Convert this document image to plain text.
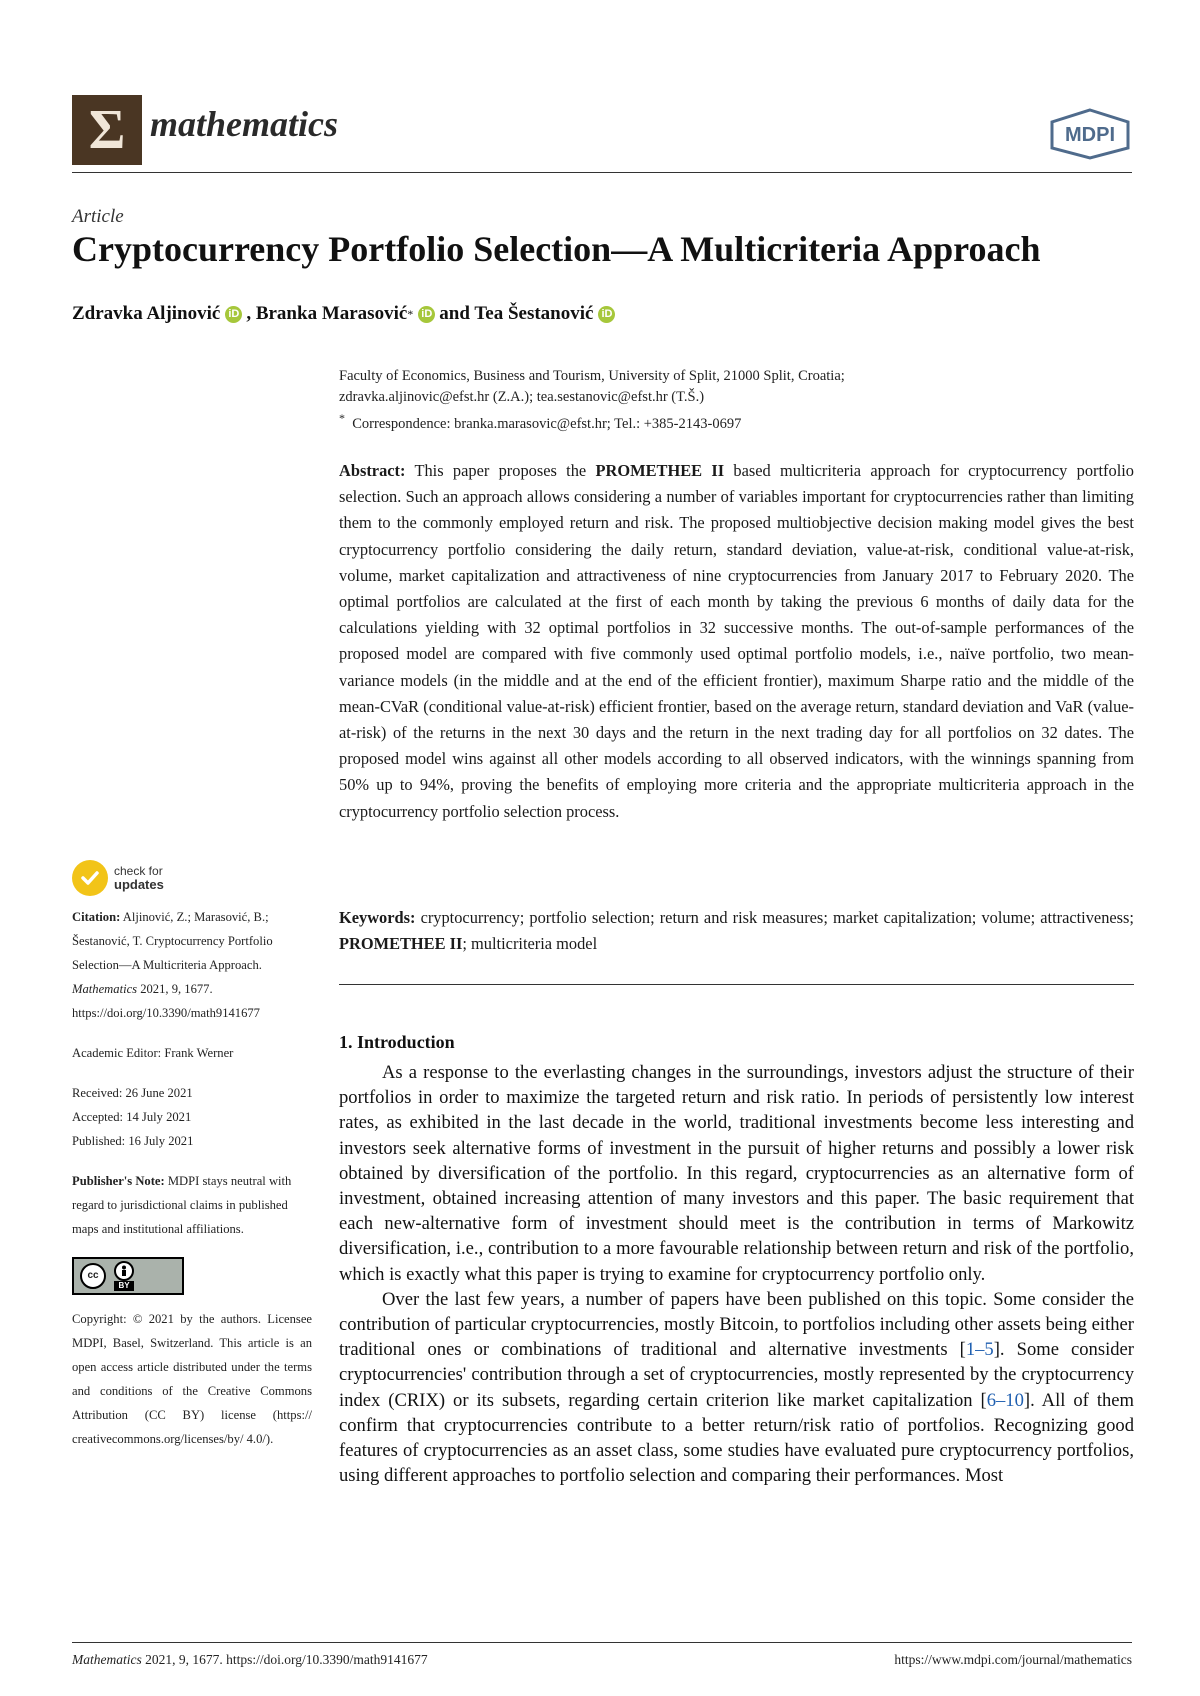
Σ mathematics	MDPI
Article
Cryptocurrency Portfolio Selection—A Multicriteria Approach
Zdravka Aljinović iD , Branka Marasović * iD and Tea Šestanović iD
Faculty of Economics, Business and Tourism, University of Split, 21000 Split, Croatia;
zdravka.aljinovic@efst.hr (Z.A.); tea.sestanovic@efst.hr (T.Š.)
* Correspondence: branka.marasovic@efst.hr; Tel.: +385-2143-0697
Abstract: This paper proposes the PROMETHEE II based multicriteria approach for cryptocurrency portfolio selection. Such an approach allows considering a number of variables important for cryptocurrencies rather than limiting them to the commonly employed return and risk. The proposed multiobjective decision making model gives the best cryptocurrency portfolio considering the daily return, standard deviation, value-at-risk, conditional value-at-risk, volume, market capitalization and attractiveness of nine cryptocurrencies from January 2017 to February 2020. The optimal portfolios are calculated at the first of each month by taking the previous 6 months of daily data for the calculations yielding with 32 optimal portfolios in 32 successive months. The out-of-sample performances of the proposed model are compared with five commonly used optimal portfolio models, i.e., naïve portfolio, two mean-variance models (in the middle and at the end of the efficient frontier), maximum Sharpe ratio and the middle of the mean-CVaR (conditional value-at-risk) efficient frontier, based on the average return, standard deviation and VaR (value-at-risk) of the returns in the next 30 days and the return in the next trading day for all portfolios on 32 dates. The proposed model wins against all other models according to all observed indicators, with the winnings spanning from 50% up to 94%, proving the benefits of employing more criteria and the appropriate multicriteria approach in the cryptocurrency portfolio selection process.
Keywords: cryptocurrency; portfolio selection; return and risk measures; market capitalization; volume; attractiveness; PROMETHEE II; multicriteria model
1. Introduction

As a response to the everlasting changes in the surroundings, investors adjust the structure of their portfolios in order to maximize the targeted return and risk ratio. In periods of persistently low interest rates, as exhibited in the last decade in the world, traditional investments become less interesting and investors seek alternative forms of investment in the pursuit of higher returns and possibly a lower risk obtained by diversification of the portfolio. In this regard, cryptocurrencies as an alternative form of investment, obtained increasing attention of many investors and this paper. The basic requirement that each new-alternative form of investment should meet is the contribution in terms of Markowitz diversification, i.e., contribution to a more favourable relationship between return and risk of the portfolio, which is exactly what this paper is trying to examine for cryptocurrency portfolio only.

Over the last few years, a number of papers have been published on this topic. Some consider the contribution of particular cryptocurrencies, mostly Bitcoin, to portfolios including other assets being either traditional ones or combinations of traditional and alternative investments [1–5]. Some consider cryptocurrencies' contribution through a set of cryptocurrencies, mostly represented by the cryptocurrency index (CRIX) or its subsets, regarding certain criterion like market capitalization [6–10]. All of them confirm that cryptocurrencies contribute to a better return/risk ratio of portfolios. Recognizing good features of cryptocurrencies as an asset class, some studies have evaluated pure cryptocurrency portfolios, using different approaches to portfolio selection and comparing their performances. Most

check for
updates
Citation: Aljinović, Z.; Marasović, B.; Šestanović, T. Cryptocurrency Portfolio Selection—A Multicriteria Approach. Mathematics 2021, 9, 1677. https://doi.org/10.3390/math9141677
Academic Editor: Frank Werner
Received: 26 June 2021
Accepted: 14 July 2021
Published: 16 July 2021
Publisher's Note: MDPI stays neutral with regard to jurisdictional claims in published maps and institutional affiliations.
cc
BY
Copyright: © 2021 by the authors. Licensee MDPI, Basel, Switzerland. This article is an open access article distributed under the terms and conditions of the Creative Commons Attribution (CC BY) license (https:// creativecommons.org/licenses/by/ 4.0/).
Mathematics 2021, 9, 1677. https://doi.org/10.3390/math9141677	https://www.mdpi.com/journal/mathematics
